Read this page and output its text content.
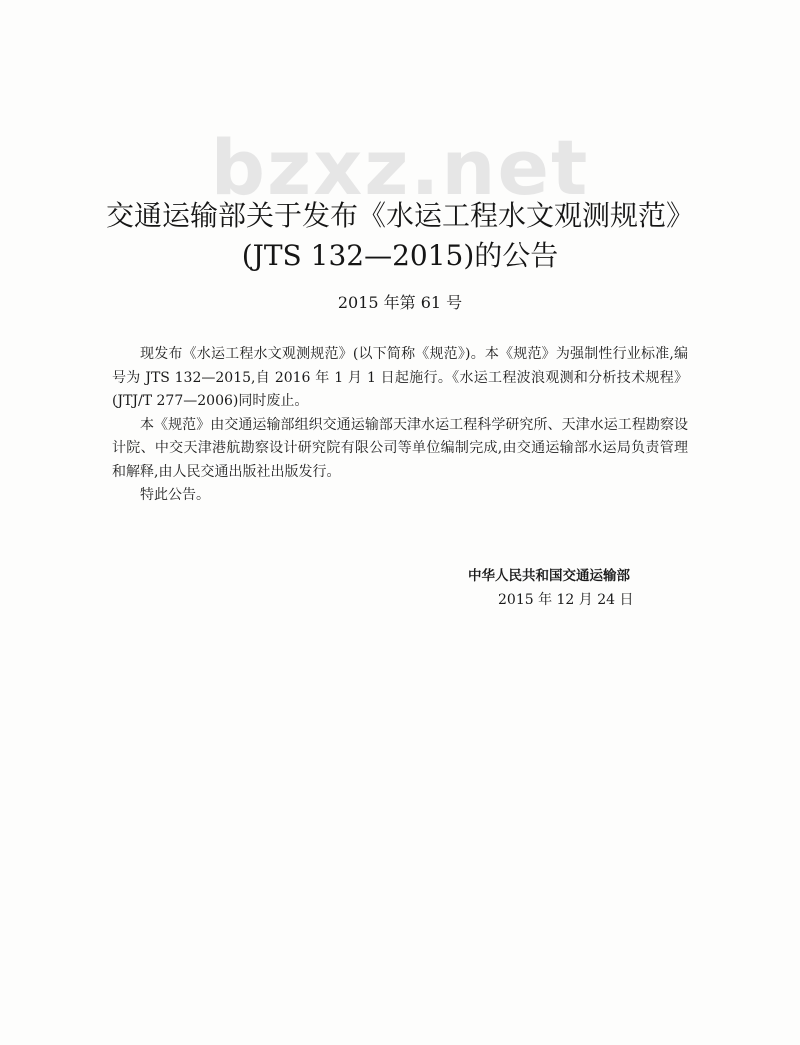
bzxz.net
交通运输部关于发布《水运工程水文观测规范》
(JTS 132—2015)的公告
2015 年第 61 号

现发布《水运工程水文观测规范》(以下简称《规范》)。本《规范》为强制性行业标准,编号为 JTS 132—2015,自 2016 年 1 月 1 日起施行。《水运工程波浪观测和分析技术规程》(JTJ/T 277—2006)同时废止。

本《规范》由交通运输部组织交通运输部天津水运工程科学研究所、天津水运工程勘察设计院、中交天津港航勘察设计研究院有限公司等单位编制完成,由交通运输部水运局负责管理和解释,由人民交通出版社出版发行。

特此公告。

中华人民共和国交通运输部
2015 年 12 月 24 日
